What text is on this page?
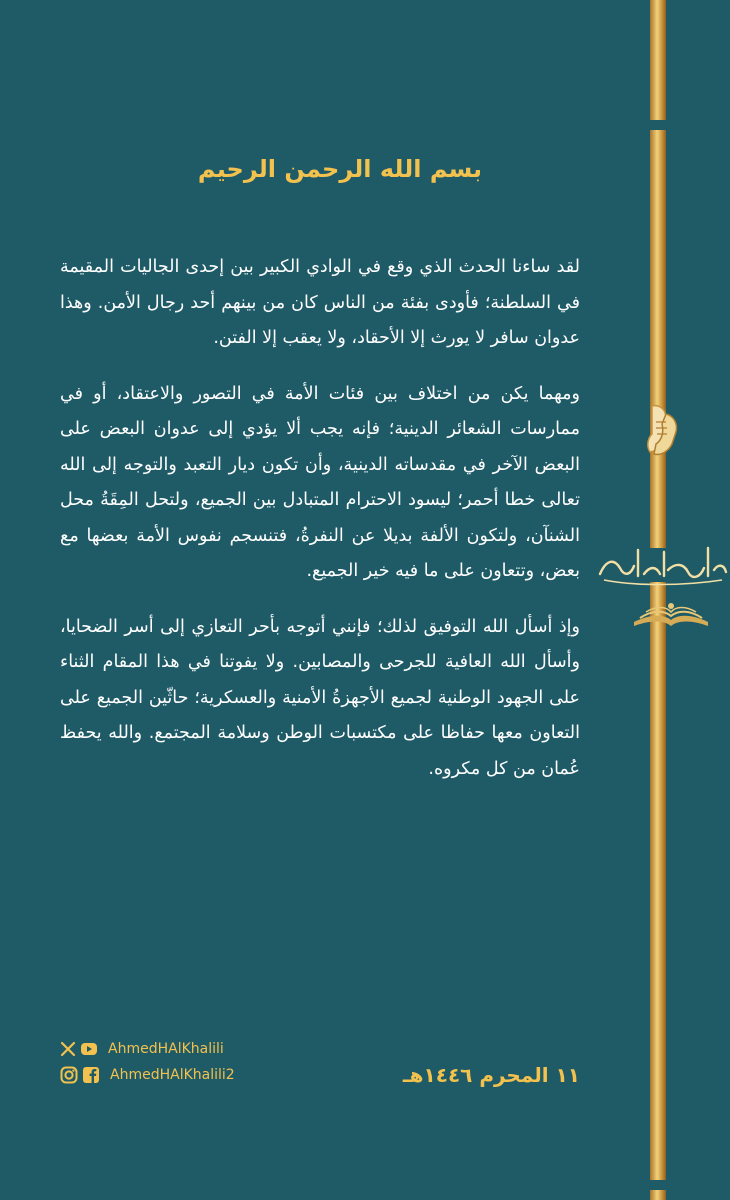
بسم الله الرحمن الرحيم

لقد ساءنا الحدث الذي وقع في الوادي الكبير بين إحدى الجاليات المقيمة في السلطنة؛ فأودى بفئة من الناس كان من بينهم أحد رجال الأمن. وهذا عدوان سافر لا يورث إلا الأحقاد، ولا يعقب إلا الفتن.

ومهما يكن من اختلاف بين فئات الأمة في التصور والاعتقاد، أو في ممارسات الشعائر الدينية؛ فإنه يجب ألا يؤدي إلى عدوان البعض على البعض الآخر في مقدساته الدينية، وأن تكون ديار التعبد والتوجه إلى الله تعالى خطا أحمر؛ ليسود الاحترام المتبادل بين الجميع، ولتحل المِقَةُ محل الشنآن، ولتكون الألفة بديلا عن النفرةُ، فتنسجم نفوس الأمة بعضها مع بعض، وتتعاون على ما فيه خير الجميع.

وإذ أسأل الله التوفيق لذلك؛ فإنني أتوجه بأحر التعازي إلى أسر الضحايا، وأسأل الله العافية للجرحى والمصابين. ولا يفوتنا في هذا المقام الثناء على الجهود الوطنية لجميع الأجهزةُ الأمنية والعسكرية؛ حاثّين الجميع على التعاون معها حفاظا على مكتسبات الوطن وسلامة المجتمع. والله يحفظ عُمان من كل مكروه.

١١ المحرم ١٤٤٦هـ
AhmedHAlKhalili
AhmedHAlKhalili2
